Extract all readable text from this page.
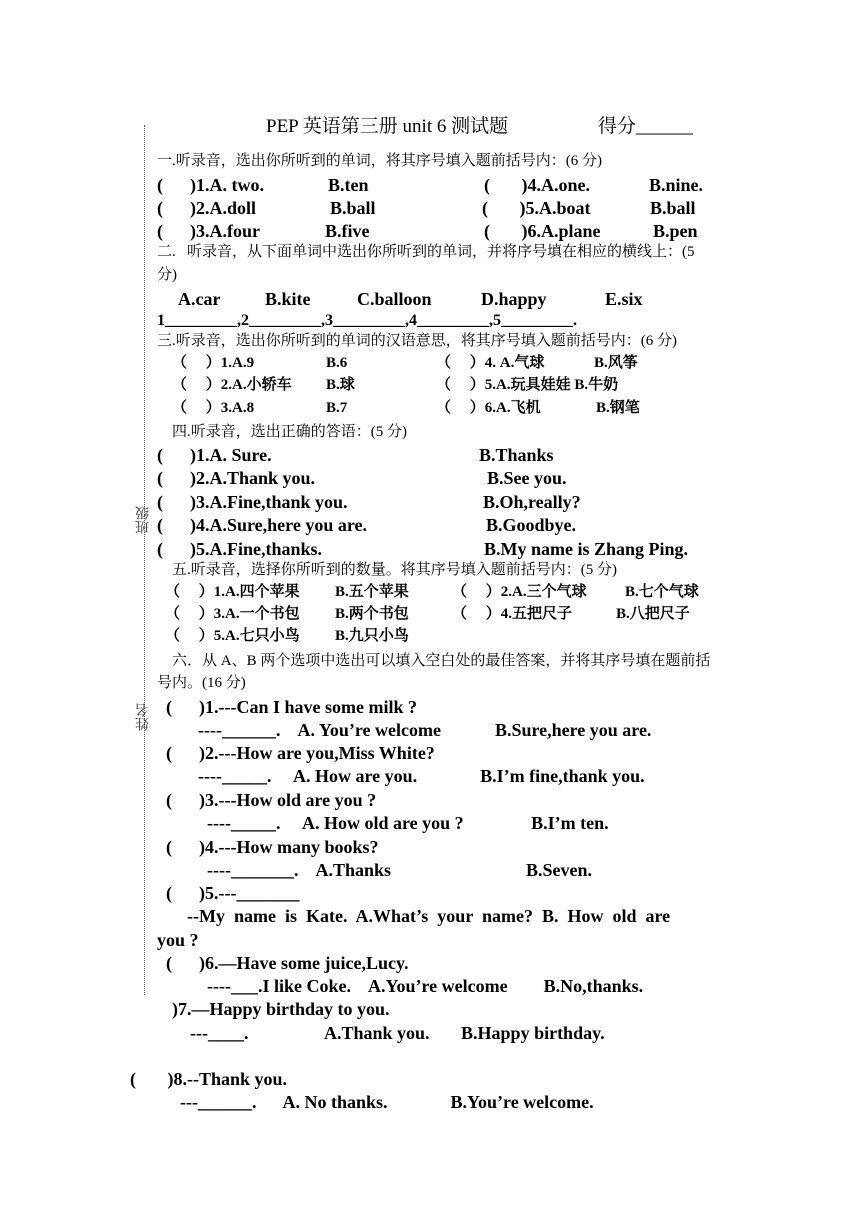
PEP 英语第三册 unit 6 测试题	得分______
班级
姓名
一.听录音，选出你所听到的单词，将其序号填入题前括号内：(6 分)
(      )1.A. two.	B.ten	(       )4.A.one.	B.nine.
(      )2.A.doll	B.ball	(       )5.A.boat	B.ball
(      )3.A.four	B.five	(       )6.A.plane	B.pen
二.   听录音，从下面单词中选出你所听到的单词，并将序号填在相应的横线上：(5
分)
A.car B.kite	C.balloon	D.happy	E.six
1_________,2_________,3_________,4_________,5_________.
三.听录音，选出你所听到的单词的汉语意思，将其序号填入题前括号内：(6 分)
（     ）1.A.9	B.6	（     ）4. A.气球	B.风筝
（     ）2.A.小轿车 B.球	（     ）5.A.玩具娃娃 B.牛奶
（     ）3.A.8	B.7	（     ）6.A.飞机	B.钢笔
四.听录音，选出正确的答语：(5 分)
(      )1.A. Sure.	B.Thanks
(      )2.A.Thank you.	B.See you.
(      )3.A.Fine,thank you.	B.Oh,really?
(      )4.A.Sure,here you are.	B.Goodbye.
(      )5.A.Fine,thanks.	B.My name is Zhang Ping.
五.听录音，选择你所听到的数量。将其序号填入题前括号内：(5 分)
（     ）1.A.四个苹果 B.五个苹果	（     ）2.A.三个气球	B.七个气球
（     ）3.A.一个书包 B.两个书包	（     ）4.五把尺子	B.八把尺子
（     ）5.A.七只小鸟 B.九只小鸟
六．从 A、B 两个选项中选出可以填入空白处的最佳答案，并将其序号填在题前括
号内。(16 分)
(      )1.---Can I have some milk ?
----______.    A. You’re welcome            B.Sure,here you are.
(      )2.---How are you,Miss White?
----_____.     A. How are you.              B.I’m fine,thank you.
(      )3.---How old are you ?
----_____.     A. How old are you ?               B.I’m ten.
(      )4.---How many books?
----_______.    A.Thanks                              B.Seven.
(      )5.---_______
--My  name  is  Kate.  A.What’s  your  name?  B.  How  old  are
you ?
(      )6.—Have some juice,Lucy.
----___.I like Coke.    A.You’re welcome        B.No,thanks.
)7.—Happy birthday to you.
---____.                 A.Thank you.       B.Happy birthday.
(       )8.--Thank you.
---______.      A. No thanks.              B.You’re welcome.
